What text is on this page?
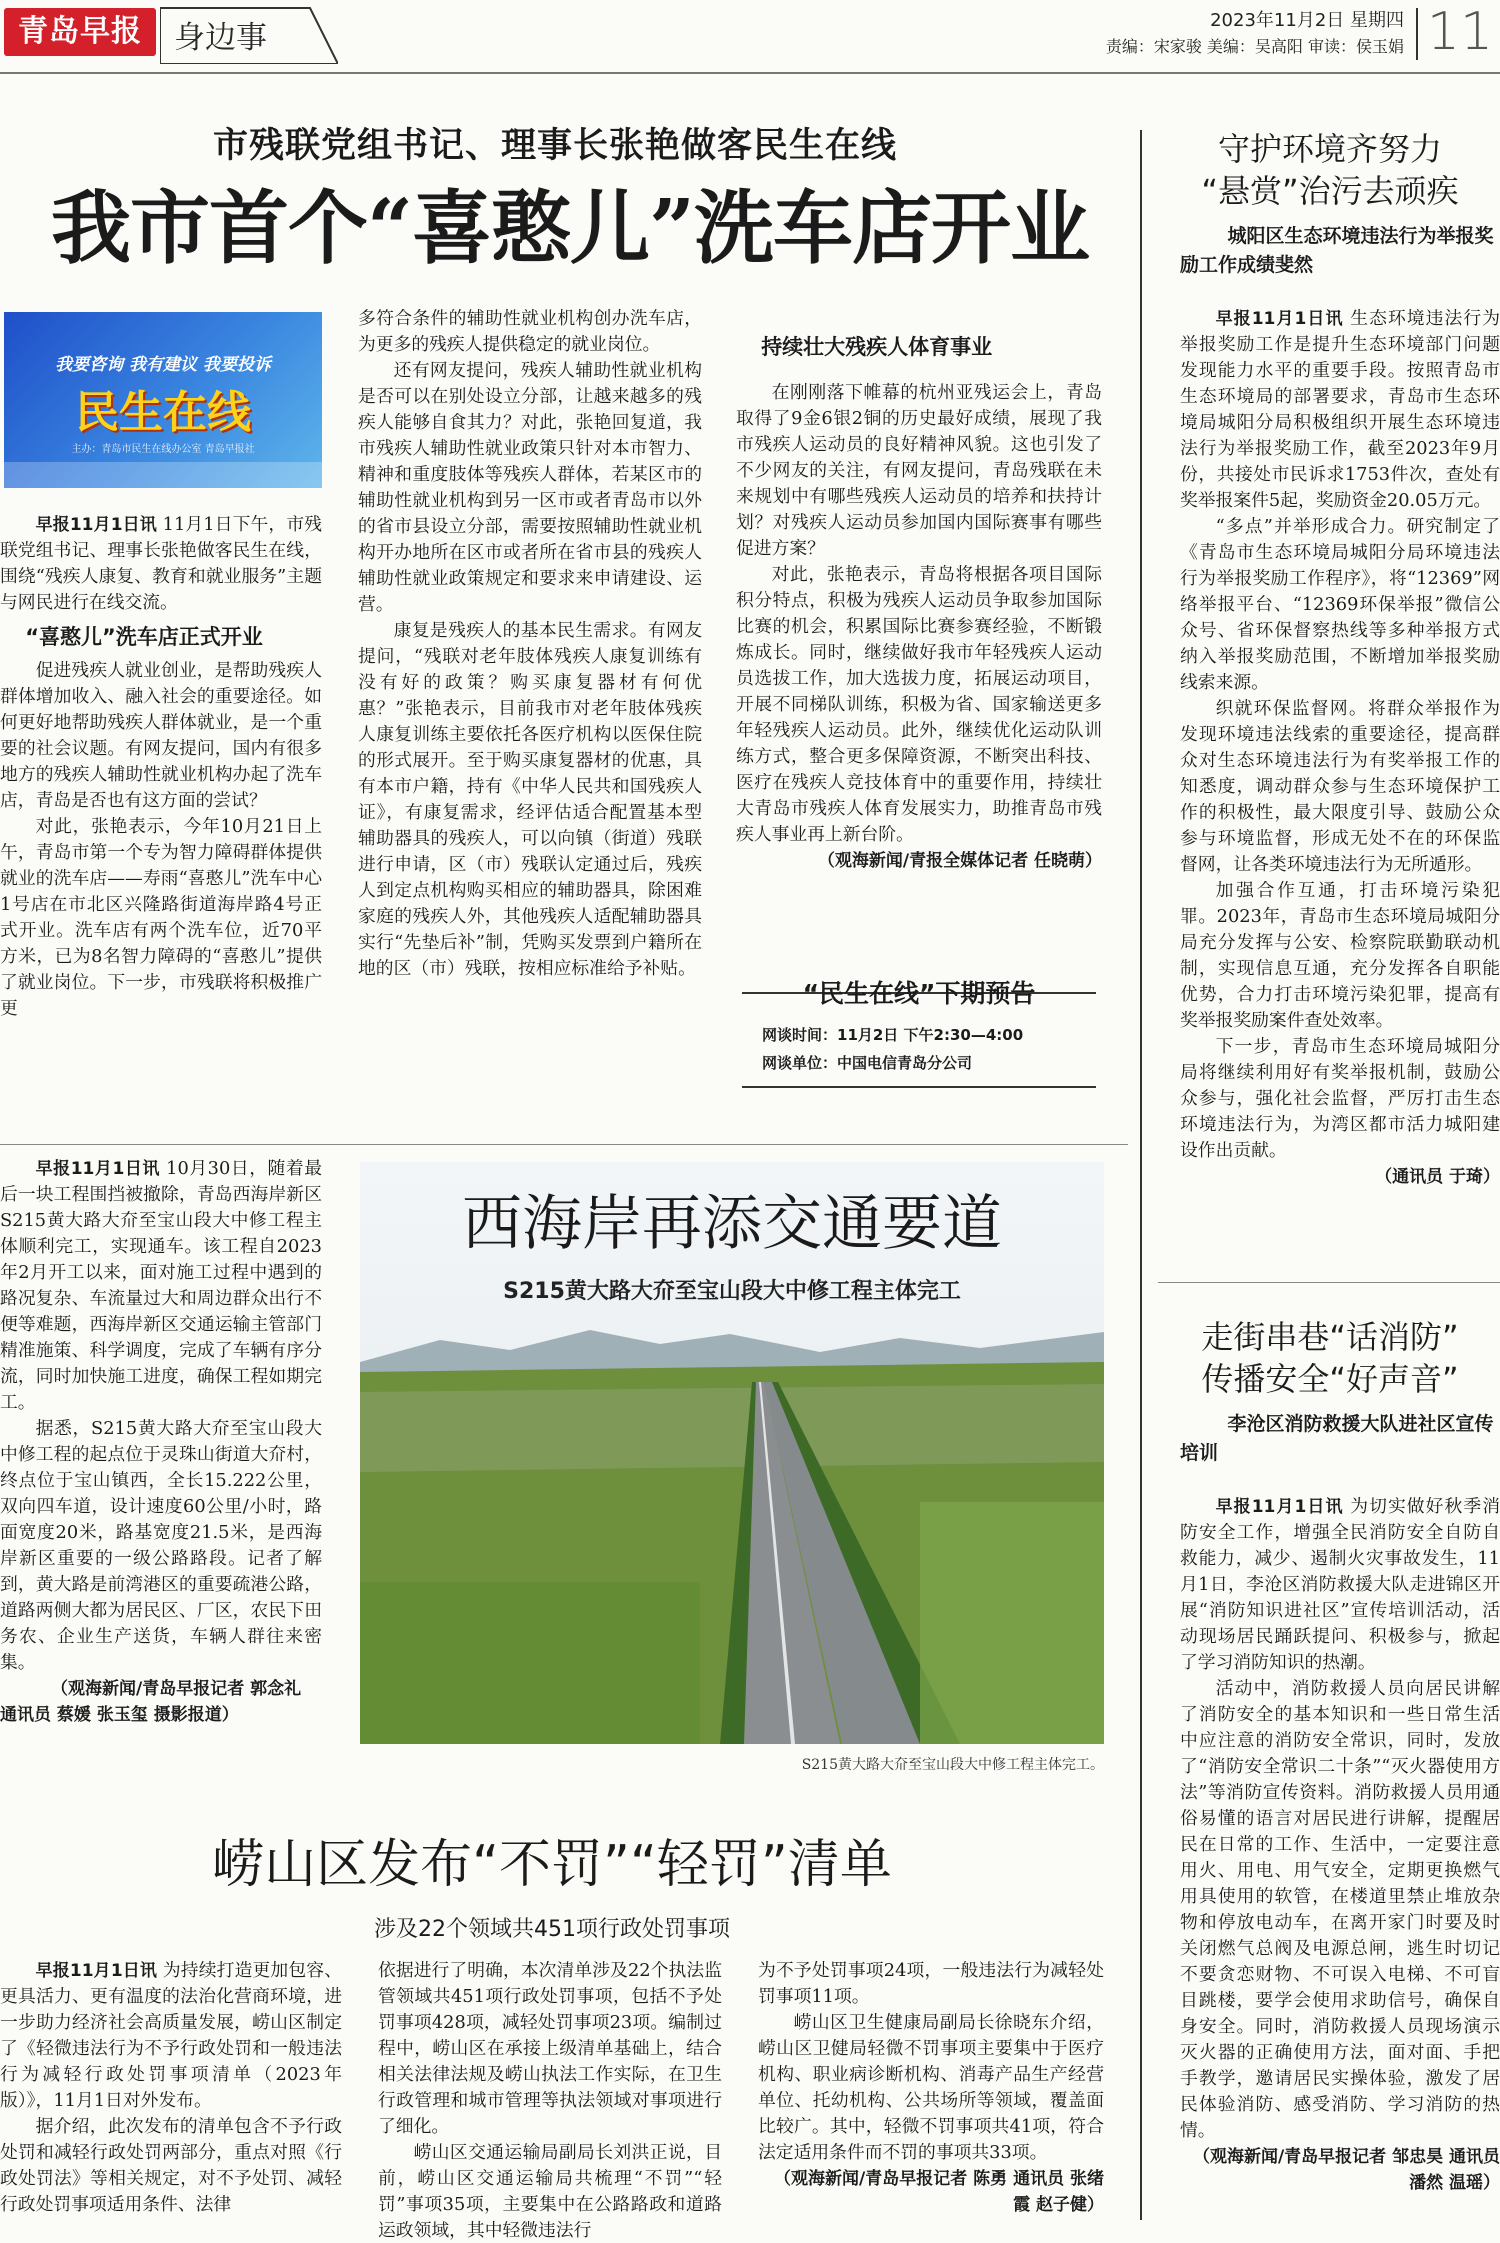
青岛早报	身边事	2023年11月2日 星期四
责编：宋家骏 美编：吴高阳 审读：侯玉娟 11
市残联党组书记、理事长张艳做客民生在线
我市首个“喜憨儿”洗车店开业
我要咨询 我有建议 我要投诉
民生在线
主办：青岛市民生在线办公室 青岛早报社

早报11月1日讯 11月1日下午，市残联党组书记、理事长张艳做客民生在线，围绕“残疾人康复、教育和就业服务”主题与网民进行在线交流。

“喜憨儿”洗车店正式开业

促进残疾人就业创业，是帮助残疾人群体增加收入、融入社会的重要途径。如何更好地帮助残疾人群体就业，是一个重要的社会议题。有网友提问，国内有很多地方的残疾人辅助性就业机构办起了洗车店，青岛是否也有这方面的尝试？

对此，张艳表示，今年10月21日上午，青岛市第一个专为智力障碍群体提供就业的洗车店——寿雨“喜憨儿”洗车中心1号店在市北区兴隆路街道海岸路4号正式开业。洗车店有两个洗车位，近70平方米，已为8名智力障碍的“喜憨儿”提供了就业岗位。下一步，市残联将积极推广更

多符合条件的辅助性就业机构创办洗车店，为更多的残疾人提供稳定的就业岗位。

还有网友提问，残疾人辅助性就业机构是否可以在别处设立分部，让越来越多的残疾人能够自食其力？对此，张艳回复道，我市残疾人辅助性就业政策只针对本市智力、精神和重度肢体等残疾人群体，若某区市的辅助性就业机构到另一区市或者青岛市以外的省市县设立分部，需要按照辅助性就业机构开办地所在区市或者所在省市县的残疾人辅助性就业政策规定和要求来申请建设、运营。

康复是残疾人的基本民生需求。有网友提问，“残联对老年肢体残疾人康复训练有没有好的政策？购买康复器材有何优惠？”张艳表示，目前我市对老年肢体残疾人康复训练主要依托各医疗机构以医保住院的形式展开。至于购买康复器材的优惠，具有本市户籍，持有《中华人民共和国残疾人证》，有康复需求，经评估适合配置基本型辅助器具的残疾人，可以向镇（街道）残联进行申请，区（市）残联认定通过后，残疾人到定点机构购买相应的辅助器具，除困难家庭的残疾人外，其他残疾人适配辅助器具实行“先垫后补”制，凭购买发票到户籍所在地的区（市）残联，按相应标准给予补贴。

持续壮大残疾人体育事业

在刚刚落下帷幕的杭州亚残运会上，青岛取得了9金6银2铜的历史最好成绩，展现了我市残疾人运动员的良好精神风貌。这也引发了不少网友的关注，有网友提问，青岛残联在未来规划中有哪些残疾人运动员的培养和扶持计划？对残疾人运动员参加国内国际赛事有哪些促进方案？

对此，张艳表示，青岛将根据各项目国际积分特点，积极为残疾人运动员争取参加国际比赛的机会，积累国际比赛参赛经验，不断锻炼成长。同时，继续做好我市年轻残疾人运动员选拔工作，加大选拔力度，拓展运动项目，开展不同梯队训练，积极为省、国家输送更多年轻残疾人运动员。此外，继续优化运动队训练方式，整合更多保障资源，不断突出科技、医疗在残疾人竞技体育中的重要作用，持续壮大青岛市残疾人体育发展实力，助推青岛市残疾人事业再上新台阶。

（观海新闻/青报全媒体记者 任晓萌）
“民生在线”下期预告
网谈时间：11月2日 下午2:30—4:00
网谈单位：中国电信青岛分公司

早报11月1日讯 10月30日，随着最后一块工程围挡被撤除，青岛西海岸新区S215黄大路大夼至宝山段大中修工程主体顺利完工，实现通车。该工程自2023年2月开工以来，面对施工过程中遇到的路况复杂、车流量过大和周边群众出行不便等难题，西海岸新区交通运输主管部门精准施策、科学调度，完成了车辆有序分流，同时加快施工进度，确保工程如期完工。

据悉，S215黄大路大夼至宝山段大中修工程的起点位于灵珠山街道大夼村，终点位于宝山镇西，全长15.222公里，双向四车道，设计速度60公里/小时，路面宽度20米，路基宽度21.5米，是西海岸新区重要的一级公路路段。记者了解到，黄大路是前湾港区的重要疏港公路，道路两侧大都为居民区、厂区，农民下田务农、企业生产送货，车辆人群往来密集。

（观海新闻/青岛早报记者 郭念礼 通讯员 蔡媛 张玉玺 摄影报道）
西海岸再添交通要道
S215黄大路大夼至宝山段大中修工程主体完工
S215黄大路大夼至宝山段大中修工程主体完工。
崂山区发布“不罚”“轻罚”清单
涉及22个领域共451项行政处罚事项

早报11月1日讯 为持续打造更加包容、更具活力、更有温度的法治化营商环境，进一步助力经济社会高质量发展，崂山区制定了《轻微违法行为不予行政处罚和一般违法行为减轻行政处罚事项清单（2023年版）》，11月1日对外发布。

据介绍，此次发布的清单包含不予行政处罚和减轻行政处罚两部分，重点对照《行政处罚法》等相关规定，对不予处罚、减轻行政处罚事项适用条件、法律

依据进行了明确，本次清单涉及22个执法监管领域共451项行政处罚事项，包括不予处罚事项428项，减轻处罚事项23项。编制过程中，崂山区在承接上级清单基础上，结合相关法律法规及崂山执法工作实际，在卫生行政管理和城市管理等执法领域对事项进行了细化。

崂山区交通运输局副局长刘洪正说，目前，崂山区交通运输局共梳理“不罚”“轻罚”事项35项，主要集中在公路路政和道路运政领域，其中轻微违法行

为不予处罚事项24项，一般违法行为减轻处罚事项11项。

崂山区卫生健康局副局长徐晓东介绍，崂山区卫健局轻微不罚事项主要集中于医疗机构、职业病诊断机构、消毒产品生产经营单位、托幼机构、公共场所等领域，覆盖面比较广。其中，轻微不罚事项共41项，符合法定适用条件而不罚的事项共33项。

（观海新闻/青岛早报记者 陈勇 通讯员 张绪霞 赵子健）
守护环境齐努力
“悬赏”治污去顽疾
城阳区生态环境违法行为举报奖励工作成绩斐然

早报11月1日讯 生态环境违法行为举报奖励工作是提升生态环境部门问题发现能力水平的重要手段。按照青岛市生态环境局的部署要求，青岛市生态环境局城阳分局积极组织开展生态环境违法行为举报奖励工作，截至2023年9月份，共接处市民诉求1753件次，查处有奖举报案件5起，奖励资金20.05万元。

“多点”并举形成合力。研究制定了《青岛市生态环境局城阳分局环境违法行为举报奖励工作程序》，将“12369”网络举报平台、“12369环保举报”微信公众号、省环保督察热线等多种举报方式纳入举报奖励范围，不断增加举报奖励线索来源。

织就环保监督网。将群众举报作为发现环境违法线索的重要途径，提高群众对生态环境违法行为有奖举报工作的知悉度，调动群众参与生态环境保护工作的积极性，最大限度引导、鼓励公众参与环境监督，形成无处不在的环保监督网，让各类环境违法行为无所遁形。

加强合作互通，打击环境污染犯罪。2023年，青岛市生态环境局城阳分局充分发挥与公安、检察院联勤联动机制，实现信息互通，充分发挥各自职能优势，合力打击环境污染犯罪，提高有奖举报奖励案件查处效率。

下一步，青岛市生态环境局城阳分局将继续利用好有奖举报机制，鼓励公众参与，强化社会监督，严厉打击生态环境违法行为，为湾区都市活力城阳建设作出贡献。

（通讯员 于琦）
走街串巷“话消防”
传播安全“好声音”
李沧区消防救援大队进社区宣传培训

早报11月1日讯 为切实做好秋季消防安全工作，增强全民消防安全自防自救能力，减少、遏制火灾事故发生，11月1日，李沧区消防救援大队走进锦区开展“消防知识进社区”宣传培训活动，活动现场居民踊跃提问、积极参与，掀起了学习消防知识的热潮。

活动中，消防救援人员向居民讲解了消防安全的基本知识和一些日常生活中应注意的消防安全常识，同时，发放了“消防安全常识二十条”“灭火器使用方法”等消防宣传资料。消防救援人员用通俗易懂的语言对居民进行讲解，提醒居民在日常的工作、生活中，一定要注意用火、用电、用气安全，定期更换燃气用具使用的软管，在楼道里禁止堆放杂物和停放电动车，在离开家门时要及时关闭燃气总阀及电源总闸，逃生时切记不要贪恋财物、不可误入电梯、不可盲目跳楼，要学会使用求助信号，确保自身安全。同时，消防救援人员现场演示灭火器的正确使用方法，面对面、手把手教学，邀请居民实操体验，激发了居民体验消防、感受消防、学习消防的热情。

（观海新闻/青岛早报记者 邹忠昊 通讯员 潘然 温瑶）
